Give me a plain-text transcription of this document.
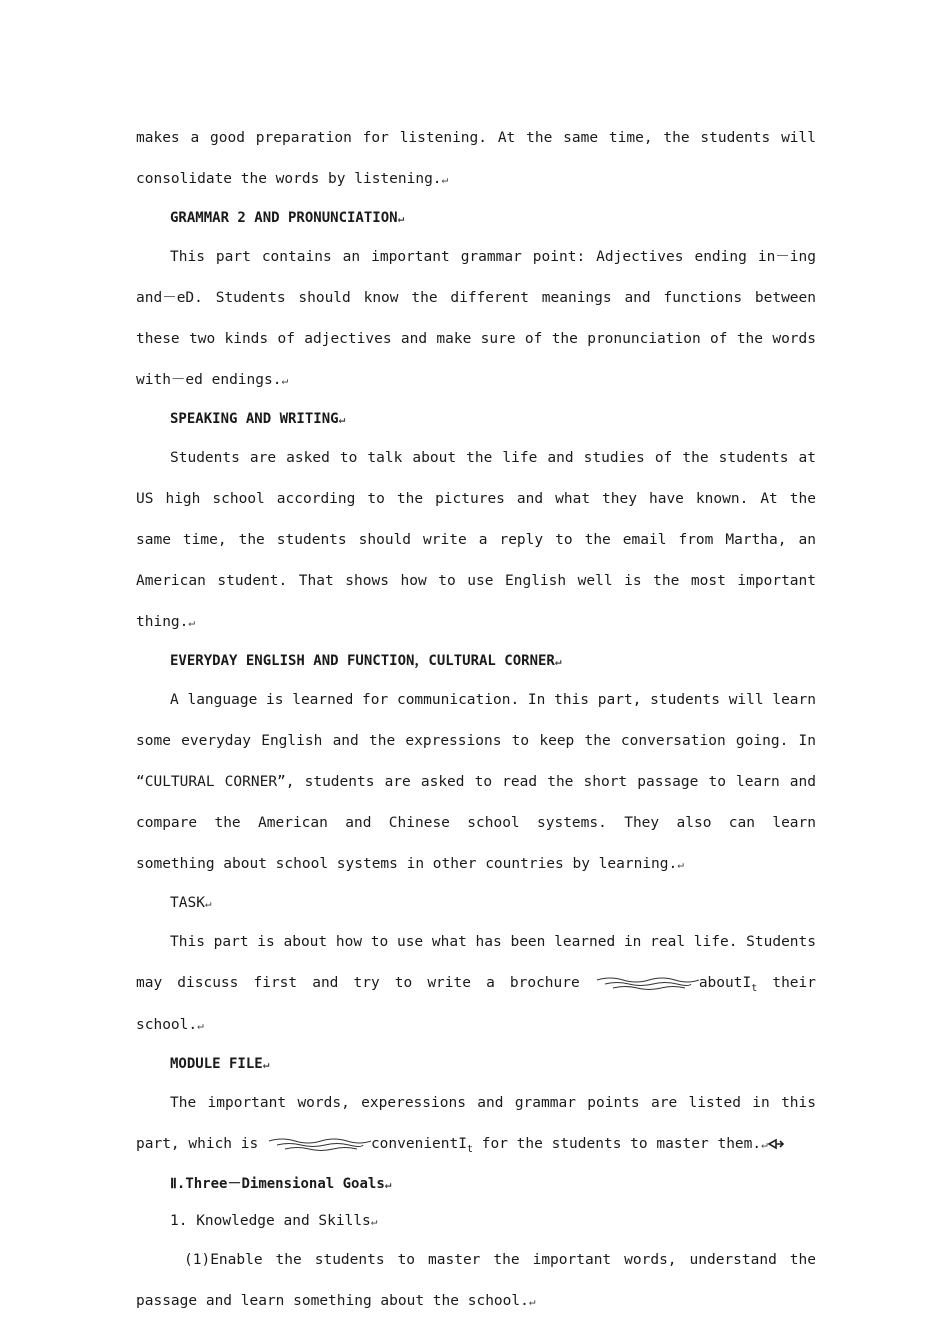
makes a good preparation for listening. At the same time, the students will consolidate the words by listening.↵

GRAMMAR 2 AND PRONUNCIATION↵

This part contains an important grammar point: Adjectives ending in－ing and－eD. Students should know the different meanings and functions between these two kinds of adjectives and make sure of the pronunciation of the words with－ed endings.↵

SPEAKING AND WRITING↵

Students are asked to talk about the life and studies of the students at US high school according to the pictures and what they have known. At the same time, the students should write a reply to the email from Martha, an American student. That shows how to use English well is the most important thing.↵

EVERYDAY ENGLISH AND FUNCTION，CULTURAL CORNER↵

A language is learned for communication. In this part, students will learn some everyday English and the expressions to keep the conversation going. In “CULTURAL CORNER”, students are asked to read the short passage to learn and compare the American and Chinese school systems. They also can learn something about school systems in other countries by learning.↵

TASK↵

This part is about how to use what has been learned in real life. Students may discuss first and try to write a brochure	aboutI$_t$ their school.↵

MODULE FILE↵

The important words, experessions and grammar points are listed in this part, which is	convenientI$_t$ for the students to master them.↵

Ⅱ.Three－Dimensional Goals↵

1. Knowledge and Skills↵

(1)Enable the students to master the important words, understand the passage and learn something about the school.↵
